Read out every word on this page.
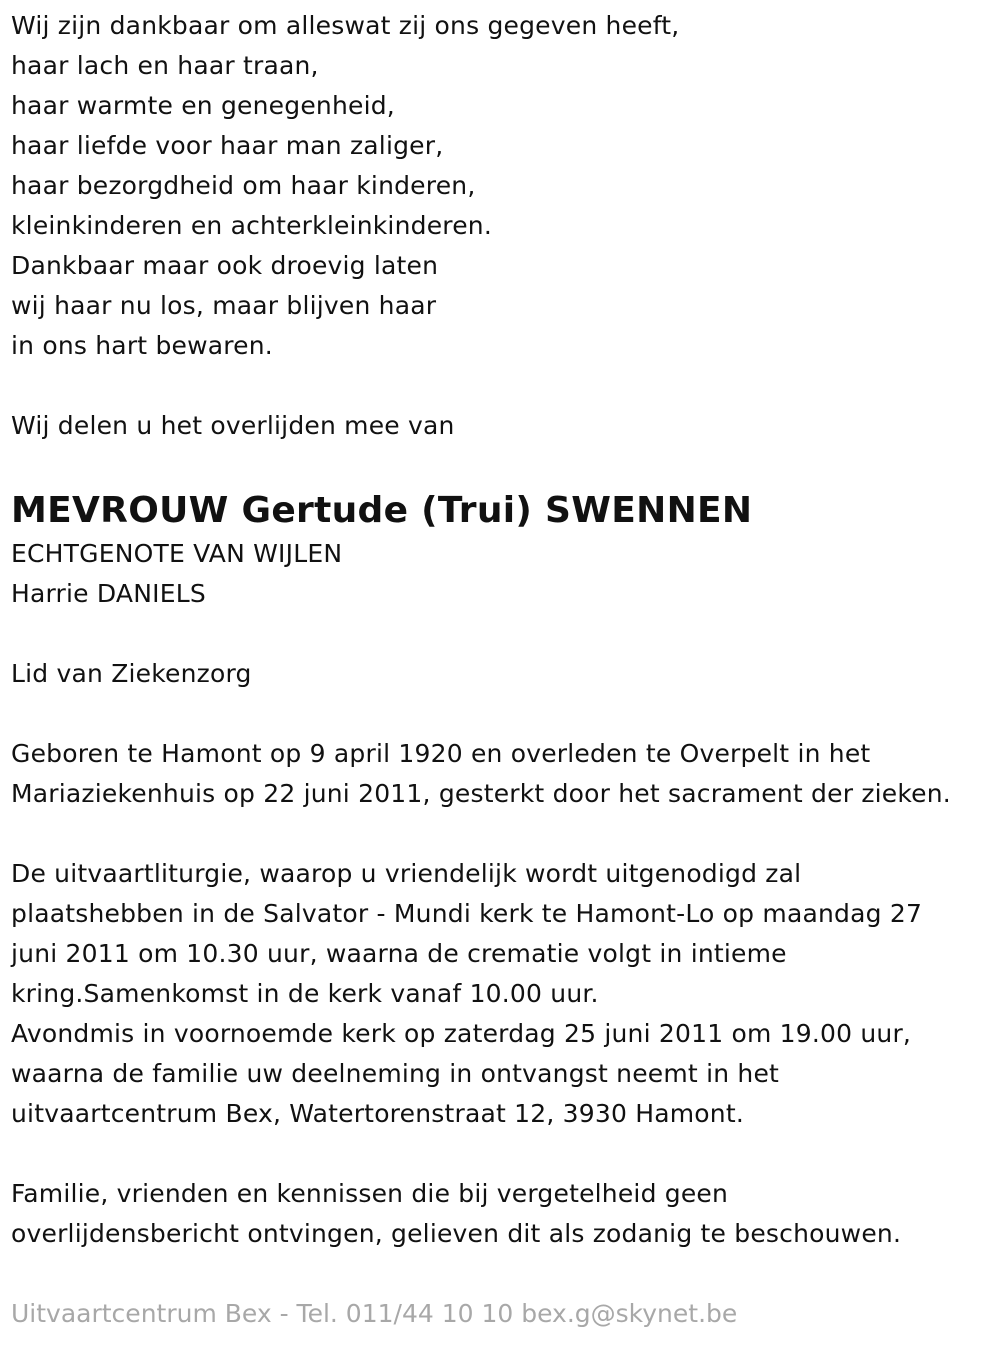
Wij zijn dankbaar om alleswat zij ons gegeven heeft,
haar lach en haar traan,
haar warmte en genegenheid,
haar liefde voor haar man zaliger,
haar bezorgdheid om haar kinderen,
kleinkinderen en achterkleinkinderen.
Dankbaar maar ook droevig laten
wij haar nu los, maar blijven haar
in ons hart bewaren.
Wij delen u het overlijden mee van
MEVROUW Gertude (Trui) SWENNEN
ECHTGENOTE VAN WIJLEN
Harrie DANIELS
Lid van Ziekenzorg
Geboren te Hamont op 9 april 1920 en overleden te Overpelt in het
Mariaziekenhuis op 22 juni 2011, gesterkt door het sacrament der zieken.
De uitvaartliturgie, waarop u vriendelijk wordt uitgenodigd zal
plaatshebben in de Salvator - Mundi kerk te Hamont-Lo op maandag 27
juni 2011 om 10.30 uur, waarna de crematie volgt in intieme
kring.Samenkomst in de kerk vanaf 10.00 uur.
Avondmis in voornoemde kerk op zaterdag 25 juni 2011 om 19.00 uur,
waarna de familie uw deelneming in ontvangst neemt in het
uitvaartcentrum Bex, Watertorenstraat 12, 3930 Hamont.
Familie, vrienden en kennissen die bij vergetelheid geen
overlijdensbericht ontvingen, gelieven dit als zodanig te beschouwen.
Uitvaartcentrum Bex - Tel. 011/44 10 10 bex.g@skynet.be
